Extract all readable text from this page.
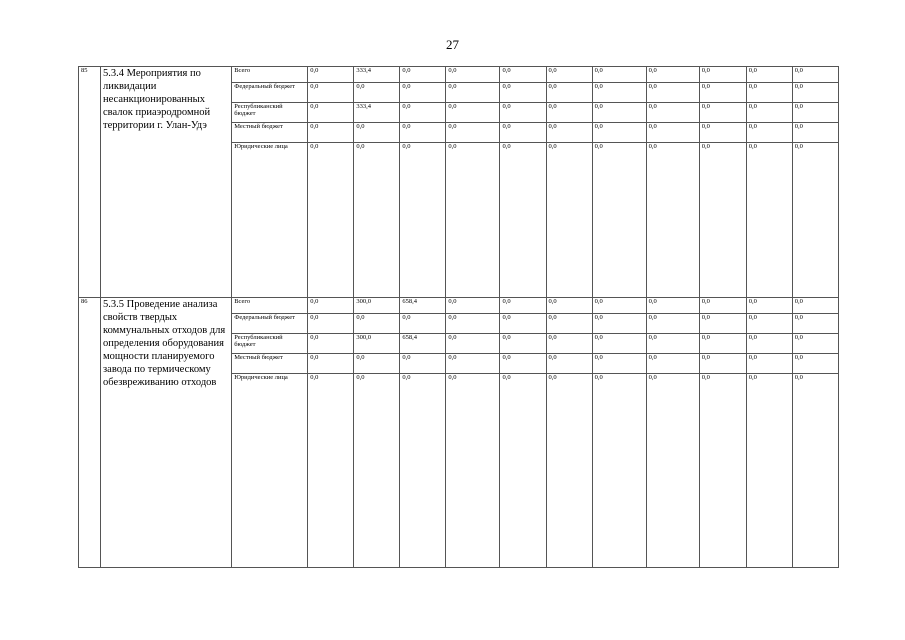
27
85	5.3.4 Мероприятия по ликвидации несанкционированных свалок приаэродромной территории г. Улан-Удэ	Всего	0,0	333,4	0,0	0,0	0,0	0,0	0,0	0,0	0,0	0,0	0,0
		Федеральный бюджет	0,0	0,0	0,0	0,0	0,0	0,0	0,0	0,0	0,0	0,0	0,0
		Республиканский бюджет	0,0	333,4	0,0	0,0	0,0	0,0	0,0	0,0	0,0	0,0	0,0
		Местный бюджет	0,0	0,0	0,0	0,0	0,0	0,0	0,0	0,0	0,0	0,0	0,0
		Юридические лица	0,0	0,0	0,0	0,0	0,0	0,0	0,0	0,0	0,0	0,0	0,0
86	5.3.5 Проведение анализа свойств твердых коммунальных отходов для определения оборудования мощности планируемого завода по термическому обезвреживанию отходов	Всего	0,0	300,0	658,4	0,0	0,0	0,0	0,0	0,0	0,0	0,0	0,0
		Федеральный бюджет	0,0	0,0	0,0	0,0	0,0	0,0	0,0	0,0	0,0	0,0	0,0
		Республиканский бюджет	0,0	300,0	658,4	0,0	0,0	0,0	0,0	0,0	0,0	0,0	0,0
		Местный бюджет	0,0	0,0	0,0	0,0	0,0	0,0	0,0	0,0	0,0	0,0	0,0
		Юридические лица	0,0	0,0	0,0	0,0	0,0	0,0	0,0	0,0	0,0	0,0	0,0
